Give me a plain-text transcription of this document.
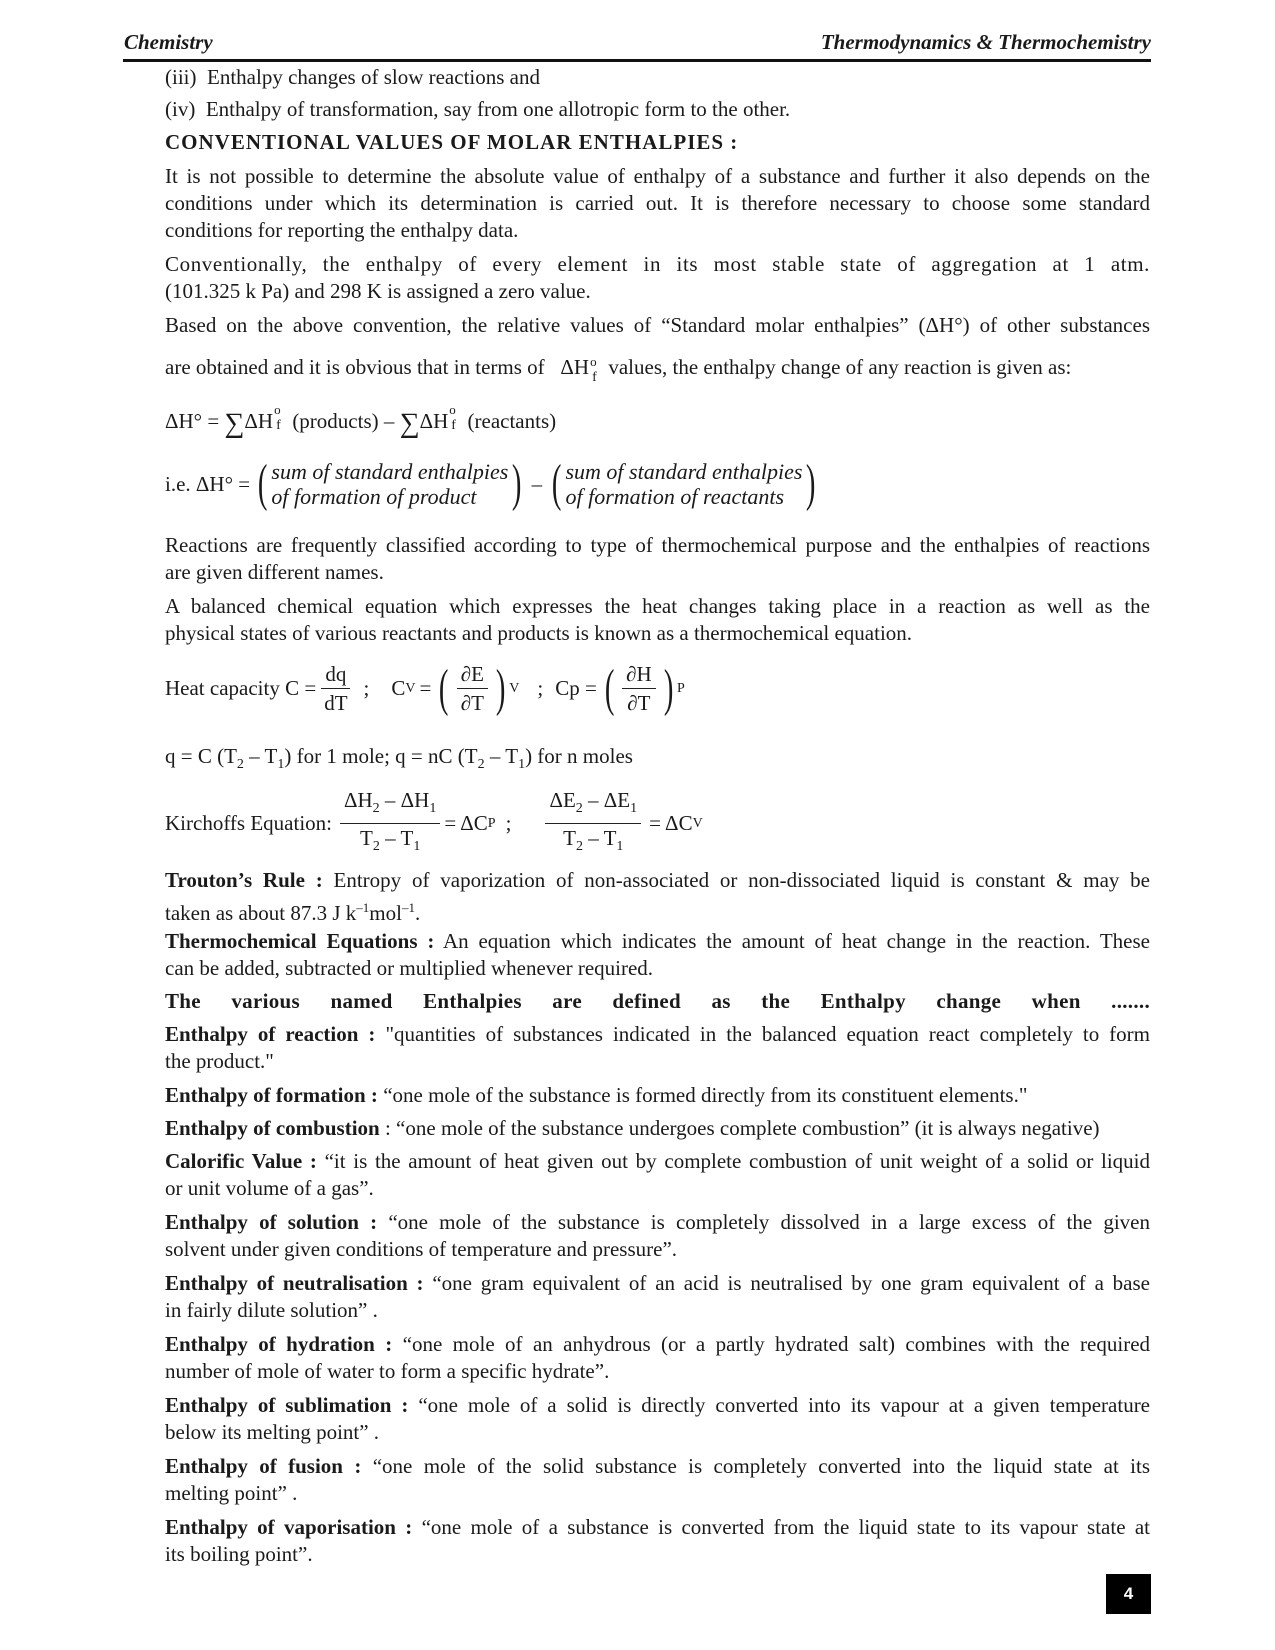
Chemistry	Thermodynamics & Thermochemistry
(iii) Enthalpy changes of slow reactions and
(iv) Enthalpy of transformation, say from one allotropic form to the other.
CONVENTIONAL VALUES OF MOLAR ENTHALPIES :
It is not possible to determine the absolute value of enthalpy of a substance and further it also depends on the
conditions under which its determination is carried out. It is therefore necessary to choose some standard
conditions for reporting the enthalpy data.
Conventionally, the enthalpy of every element in its most stable state of aggregation at 1 atm.
(101.325 k Pa) and 298 K is assigned a zero value.
Based on the above convention, the relative values of “Standard molar enthalpies” (ΔH°) of other substances
are obtained and it is obvious that in terms of ΔH o
f values, the enthalpy change of any reaction is given as:
ΔH° = ∑ΔH o
f (products) – ∑ΔH o
f (reactants)
i.e. ΔH° = ( sum of standard enthalpies
of formation of product ) – ( sum of standard enthalpies
of formation of reactants )
Reactions are frequently classified according to type of thermochemical purpose and the enthalpies of reactions
are given different names.
A balanced chemical equation which expresses the heat changes taking place in a reaction as well as the
physical states of various reactants and products is known as a thermochemical equation.
Heat capacity $C = \frac{dq}{dT}$ ; C V = ( $\frac{\partial E}{\partial T}$ ) V ; Cp = ( $\frac{\partial H}{\partial T}$ ) P
q = C $(T_2 - T_1)$ for 1 mole; q = nC $(T_2 - T_1)$ for n moles
Kirchoffs Equation: $\frac{\Delta H_2 - \Delta H_1}{T_2 - T_1} = \Delta C$ P ; $\frac{\Delta E_2 - \Delta E_1}{T_2 - T_1} = \Delta C$ V
Trouton’s Rule : Entropy of vaporization of non-associated or non-dissociated liquid is constant & may be
taken as about 87.3 J $k^{-1}mol^{-1}$.
Thermochemical Equations : An equation which indicates the amount of heat change in the reaction. These
can be added, subtracted or multiplied whenever required.
The various named Enthalpies are defined as the Enthalpy change when .......
Enthalpy of reaction : "quantities of substances indicated in the balanced equation react completely to form
the product."
Enthalpy of formation : “one mole of the substance is formed directly from its constituent elements."
Enthalpy of combustion : “one mole of the substance undergoes complete combustion” (it is always negative)
Calorific Value : “it is the amount of heat given out by complete combustion of unit weight of a solid or liquid
or unit volume of a gas”.
Enthalpy of solution : “one mole of the substance is completely dissolved in a large excess of the given
solvent under given conditions of temperature and pressure”.
Enthalpy of neutralisation : “one gram equivalent of an acid is neutralised by one gram equivalent of a base
in fairly dilute solution” .
Enthalpy of hydration : “one mole of an anhydrous (or a partly hydrated salt) combines with the required
number of mole of water to form a specific hydrate”.
Enthalpy of sublimation : “one mole of a solid is directly converted into its vapour at a given temperature
below its melting point” .
Enthalpy of fusion : “one mole of the solid substance is completely converted into the liquid state at its
melting point” .
Enthalpy of vaporisation : “one mole of a substance is converted from the liquid state to its vapour state at
its boiling point”.
4
